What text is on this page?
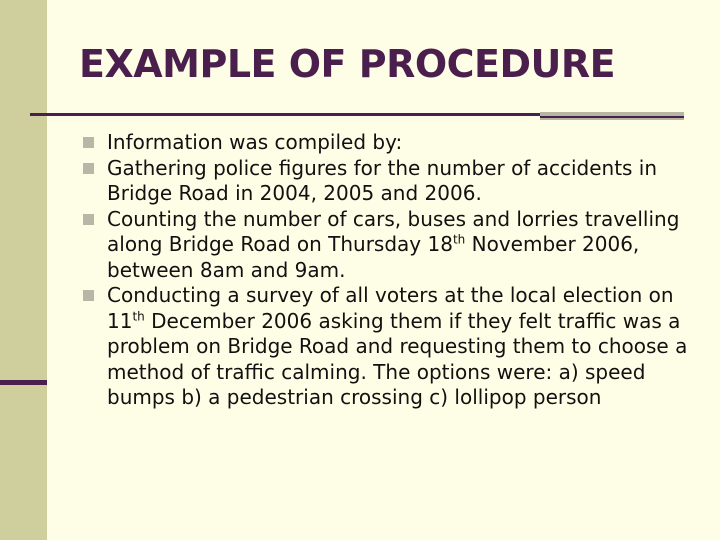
EXAMPLE OF PROCEDURE
Information was compiled by:
Gathering police figures for the number of accidents in Bridge Road in 2004, 2005 and 2006.
Counting the number of cars, buses and lorries travelling along Bridge Road on Thursday 18th November 2006, between 8am and 9am.
Conducting a survey of all voters at the local election on 11th December 2006 asking them if they felt traffic was a problem on Bridge Road and requesting them to choose a method of traffic calming. The options were: a) speed bumps b) a pedestrian crossing c) lollipop person
